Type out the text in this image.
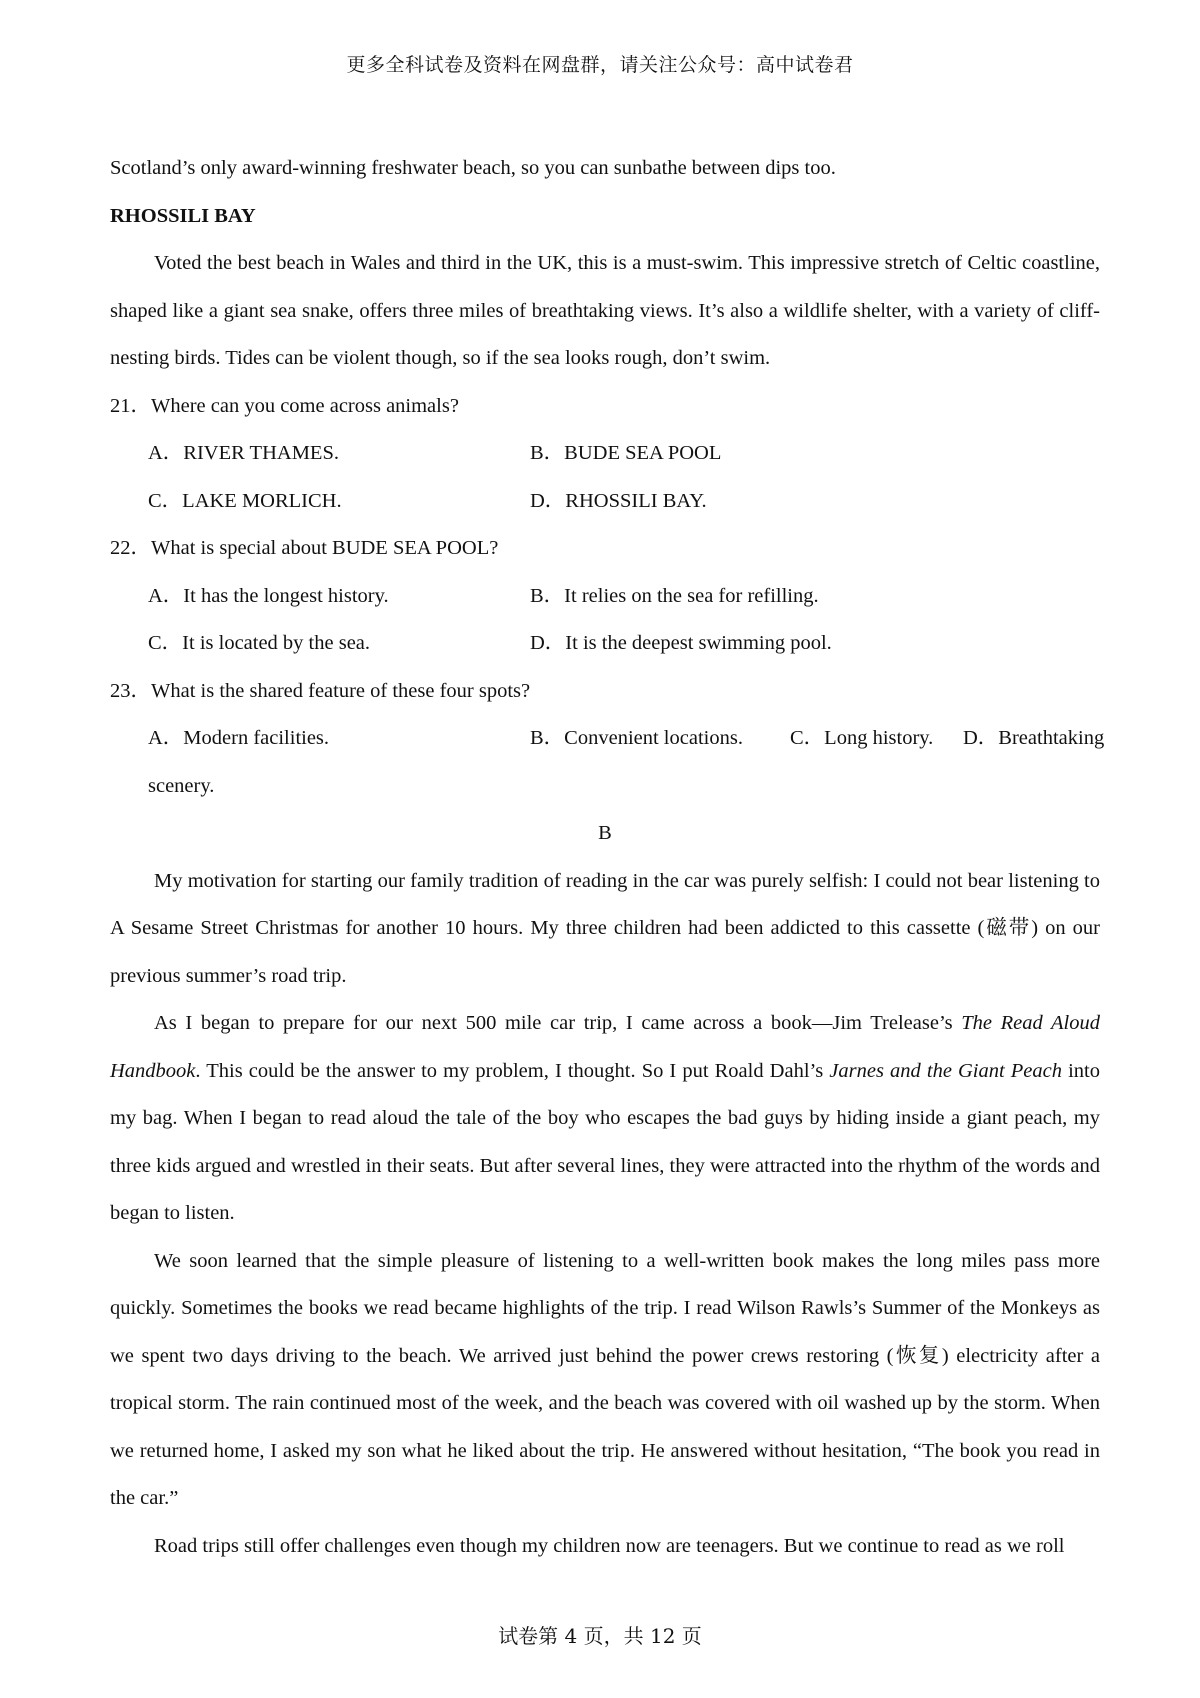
更多全科试卷及资料在网盘群，请关注公众号：高中试卷君
Scotland’s only award-winning freshwater beach, so you can sunbathe between dips too.
RHOSSILI BAY

Voted the best beach in Wales and third in the UK, this is a must-swim. This impressive stretch of Celtic coastline, shaped like a giant sea snake, offers three miles of breathtaking views. It’s also a wildlife shelter, with a variety of cliff-nesting birds. Tides can be violent though, so if the sea looks rough, don’t swim.

21．Where can you come across animals?
A．RIVER THAMES.	B．BUDE SEA POOL
C．LAKE MORLICH.	D．RHOSSILI BAY.
22．What is special about BUDE SEA POOL?
A．It has the longest history.	B．It relies on the sea for refilling.
C．It is located by the sea.	D．It is the deepest swimming pool.
23．What is the shared feature of these four spots?
A．Modern facilities.	B．Convenient locations. C．Long history. D．Breathtaking
scenery.
B

My motivation for starting our family tradition of reading in the car was purely selfish: I could not bear listening to A Sesame Street Christmas for another 10 hours. My three children had been addicted to this cassette (磁带) on our previous summer’s road trip.

As I began to prepare for our next 500 mile car trip, I came across a book—Jim Trelease’s The Read Aloud Handbook. This could be the answer to my problem, I thought. So I put Roald Dahl’s Jarnes and the Giant Peach into my bag. When I began to read aloud the tale of the boy who escapes the bad guys by hiding inside a giant peach, my three kids argued and wrestled in their seats. But after several lines, they were attracted into the rhythm of the words and began to listen.

We soon learned that the simple pleasure of listening to a well-written book makes the long miles pass more quickly. Sometimes the books we read became highlights of the trip. I read Wilson Rawls’s Summer of the Monkeys as we spent two days driving to the beach. We arrived just behind the power crews restoring (恢复) electricity after a tropical storm. The rain continued most of the week, and the beach was covered with oil washed up by the storm. When we returned home, I asked my son what he liked about the trip. He answered without hesitation, “The book you read in the car.”

Road trips still offer challenges even though my children now are teenagers. But we continue to read as we roll

试卷第 4 页，共 12 页
